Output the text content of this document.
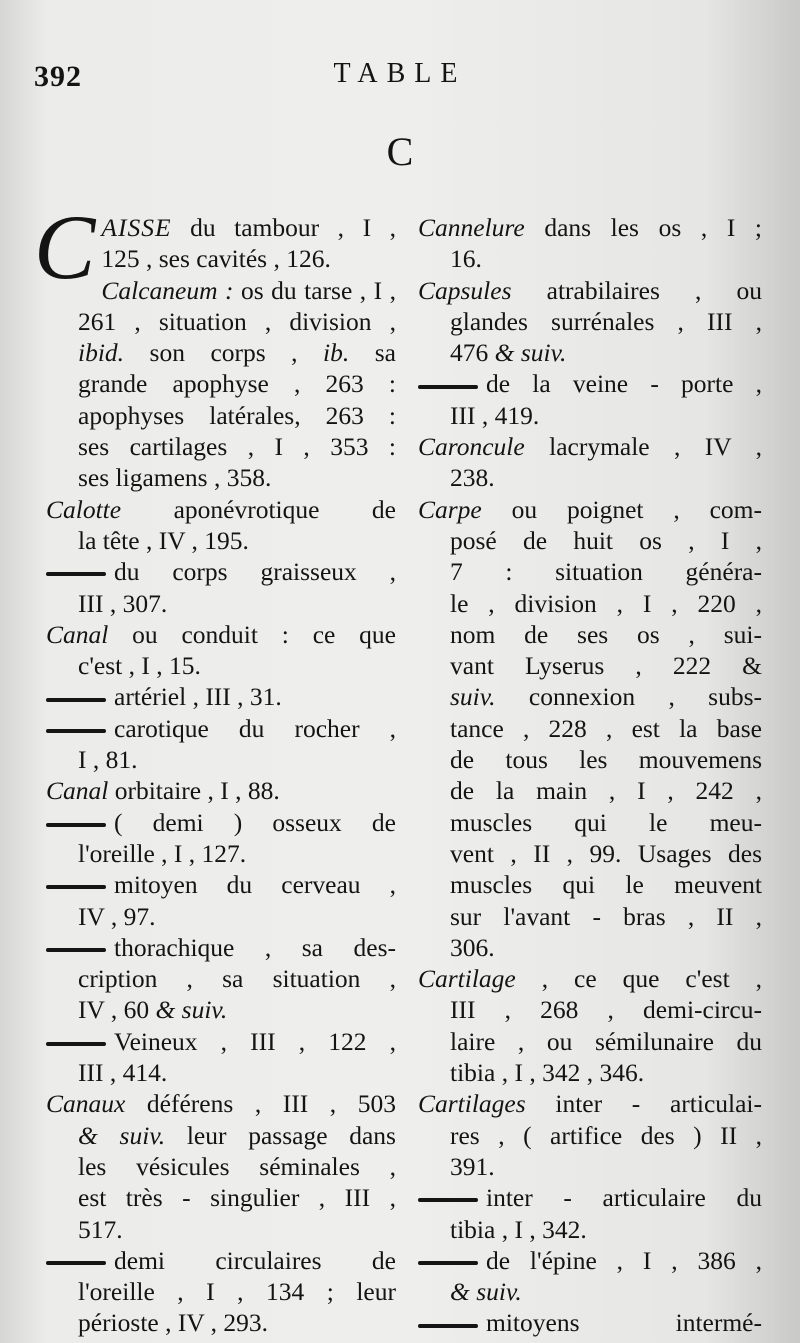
392	TABLE
C
CAISSE du tambour , I ,
125 , ses cavités , 126.
Calcaneum : os du tarse , I ,
261 , situation , division ,
ibid. son corps , ib. sa
grande apophyse , 263 :
apophyses latérales, 263 :
ses cartilages , I , 353 :
ses ligamens , 358.
Calotte aponévrotique de
la tête , IV , 195.
du corps graisseux ,
III , 307.
Canal ou conduit : ce que
c'est , I , 15.
artériel , III , 31.
carotique du rocher ,
I , 81.
Canal orbitaire , I , 88.
( demi ) osseux de
l'oreille , I , 127.
mitoyen du cerveau ,
IV , 97.
thorachique , sa des-
cription , sa situation ,
IV , 60 & suiv.
Veineux , III , 122 ,
III , 414.
Canaux déférens , III , 503
& suiv. leur passage dans
les vésicules séminales ,
est très - singulier , III ,
517.
demi circulaires de
l'oreille , I , 134 ; leur
périoste , IV , 293.
Cannelure dans les os , I ;
16.
Capsules atrabilaires , ou
glandes surrénales , III ,
476 & suiv.
de la veine - porte ,
III , 419.
Caroncule lacrymale , IV ,
238.
Carpe ou poignet , com-
posé de huit os , I ,
7 : situation généra-
le , division , I , 220 ,
nom de ses os , sui-
vant Lyserus , 222 &
suiv. connexion , subs-
tance , 228 , est la base
de tous les mouvemens
de la main , I , 242 ,
muscles qui le meu-
vent , II , 99. Usages des
muscles qui le meuvent
sur l'avant - bras , II ,
306.
Cartilage , ce que c'est ,
III , 268 , demi-circu-
laire , ou sémilunaire du
tibia , I , 342 , 346.
Cartilages inter - articulai-
res , ( artifice des ) II ,
391.
inter - articulaire du
tibia , I , 342.
de l'épine , I , 386 ,
& suiv.
mitoyens intermé-
